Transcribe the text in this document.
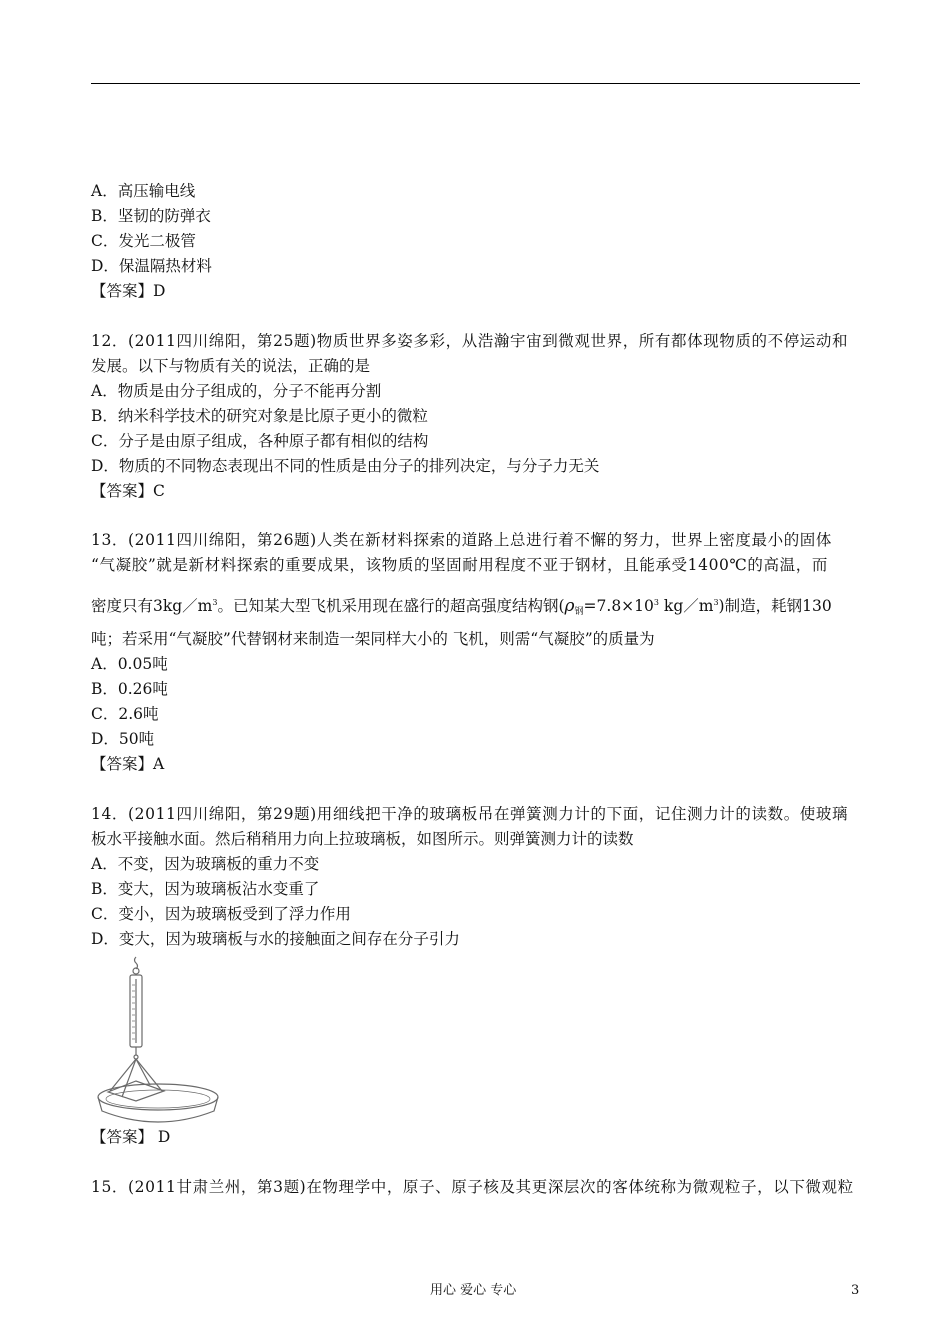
A．高压输电线
B．坚韧的防弹衣
C．发光二极管
D．保温隔热材料
【答案】D
12．(2011四川绵阳，第25题)物质世界多姿多彩，从浩瀚宇宙到微观世界，所有都体现物质的不停运动和
发展。以下与物质有关的说法，正确的是
A．物质是由分子组成的，分子不能再分割
B．纳米科学技术的研究对象是比原子更小的微粒
C．分子是由原子组成，各种原子都有相似的结构
D．物质的不同物态表现出不同的性质是由分子的排列决定，与分子力无关
【答案】C
13．(2011四川绵阳，第26题)人类在新材料探索的道路上总进行着不懈的努力，世界上密度最小的固体
“气凝胶”就是新材料探索的重要成果，该物质的坚固耐用程度不亚于钢材，且能承受1400℃的高温，而
密度只有$3kg/m^3$。已知某大型飞机采用现在盛行的超高强度结构钢($\rho_钢=7.8\times 10^3$ $kg/m^3$)制造，耗钢130
吨；若采用“气凝胶”代替钢材来制造一架同样大小的 飞机，则需“气凝胶”的质量为
A．0.05吨
B．0.26吨
C．2.6吨
D．50吨
【答案】A
14．(2011四川绵阳，第29题)用细线把干净的玻璃板吊在弹簧测力计的下面，记住测力计的读数。使玻璃
板水平接触水面。然后稍稍用力向上拉玻璃板，如图所示。则弹簧测力计的读数
A．不变，因为玻璃板的重力不变
B．变大，因为玻璃板沾水变重了
C．变小，因为玻璃板受到了浮力作用
D．变大，因为玻璃板与水的接触面之间存在分子引力
【答案】 D
15．(2011甘肃兰州，第3题)在物理学中，原子、原子核及其更深层次的客体统称为微观粒子，以下微观粒
用心 爱心 专心	3
